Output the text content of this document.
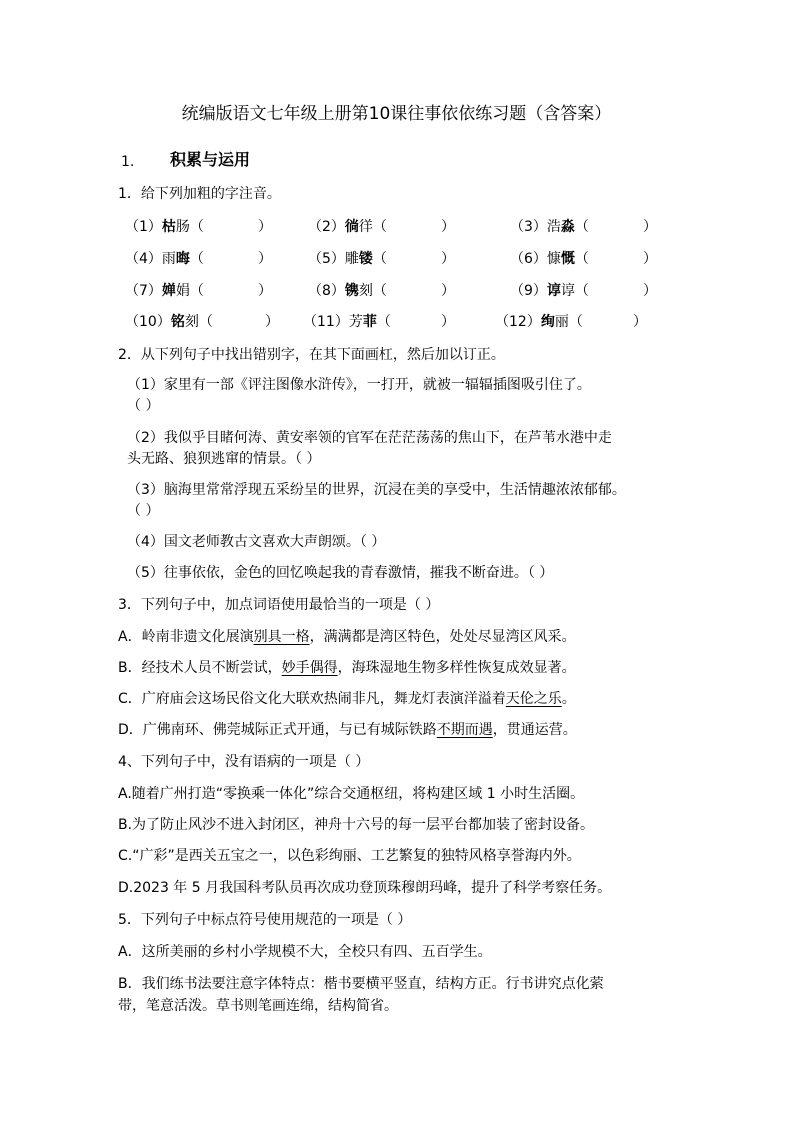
统编版语文七年级上册第10课往事依依练习题（含答案）
1. 积累与运用
1．给下列加粗的字注音。
（1）枯肠（	）	（2）徜徉（	）	（3）浩淼（	）
（4）雨晦（	）	（5）雕镂（	）	（6）慷慨（	）
（7）婵娟（	）	（8）镌刻（	）	（9）谆谆（	）
（10）铭刻（	） （11）芳菲（	）	（12）绚丽（	）
2．从下列句子中找出错别字，在其下面画杠，然后加以订正。
（1）家里有一部《评注图像水浒传》，一打开，就被一辐辐插图吸引住了。
（ ）
（2）我似乎目睹何涛、黄安率领的官军在茫茫荡荡的焦山下，在芦苇水港中走
头无路、狼狈逃窜的情景。（ ）
（3）脑海里常常浮现五采纷呈的世界，沉浸在美的享受中，生活情趣浓浓郁郁。
（ ）
（4）国文老师教古文喜欢大声朗颂。（ ）
（5）往事依依，金色的回忆唤起我的青春激情，摧我不断奋进。（ ）
3．下列句子中，加点词语使用最恰当的一项是（ ）
A．岭南非遗文化展演别具一格，满满都是湾区特色，处处尽显湾区风采。
B．经技术人员不断尝试，妙手偶得，海珠湿地生物多样性恢复成效显著。
C．广府庙会这场民俗文化大联欢热闹非凡，舞龙灯表演洋溢着天伦之乐。
D．广佛南环、佛莞城际正式开通，与已有城际铁路不期而遇，贯通运营。
4、下列句子中，没有语病的一项是（ ）
A.随着广州打造“零换乘一体化”综合交通枢纽，将构建区域 1 小时生活圈。
B.为了防止风沙不进入封闭区，神舟十六号的每一层平台都加装了密封设备。
C.“广彩”是西关五宝之一，以色彩绚丽、工艺繁复的独特风格享誉海内外。
D.2023 年 5 月我国科考队员再次成功登顶珠穆朗玛峰，提升了科学考察任务。
5．下列句子中标点符号使用规范的一项是（ ）
A．这所美丽的乡村小学规模不大，全校只有四、五百学生。
B．我们练书法要注意字体特点：楷书要横平竖直，结构方正。行书讲究点化萦
带，笔意活泼。草书则笔画连绵，结构简省。
